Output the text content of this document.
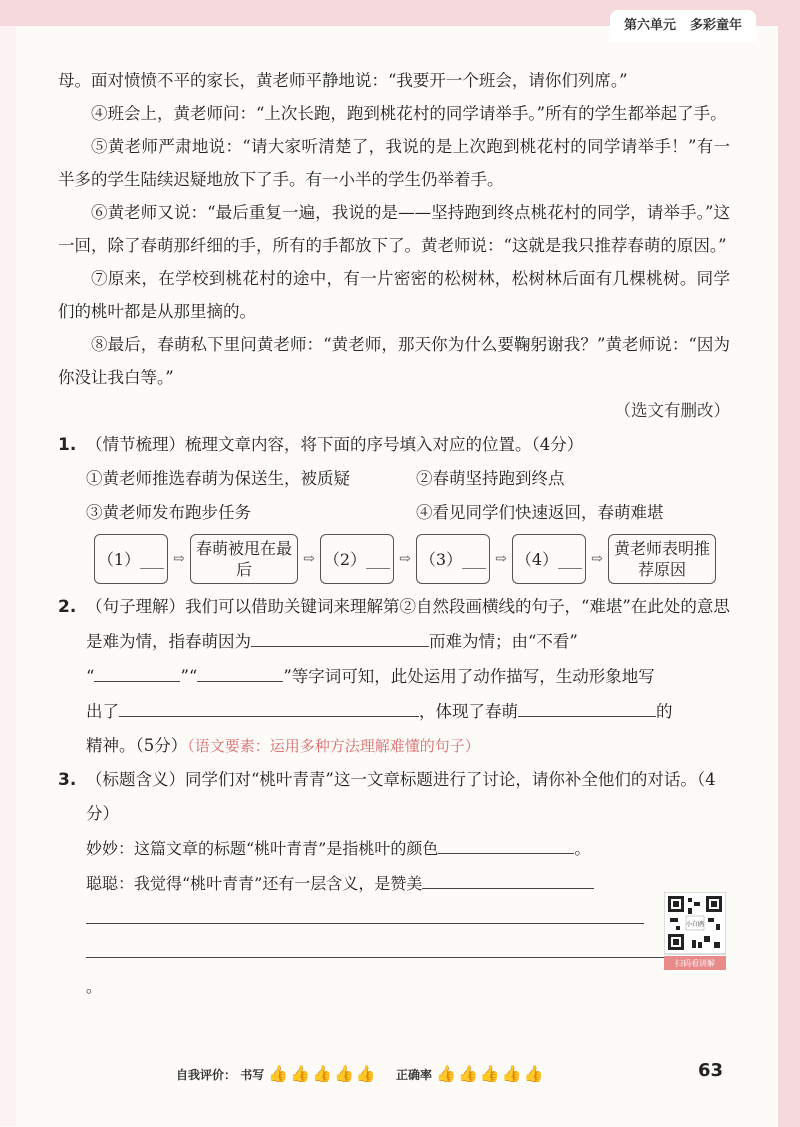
第六单元 多彩童年

母。面对愤愤不平的家长，黄老师平静地说：“我要开一个班会，请你们列席。”

④班会上，黄老师问：“上次长跑，跑到桃花村的同学请举手。”所有的学生都举起了手。

⑤黄老师严肃地说：“请大家听清楚了，我说的是上次跑到桃花村的同学请举手！”有一半多的学生陆续迟疑地放下了手。有一小半的学生仍举着手。

⑥黄老师又说：“最后重复一遍，我说的是——坚持跑到终点桃花村的同学，请举手。”这一回，除了春萌那纤细的手，所有的手都放下了。黄老师说：“这就是我只推荐春萌的原因。”

⑦原来，在学校到桃花村的途中，有一片密密的松树林，松树林后面有几棵桃树。同学们的桃叶都是从那里摘的。

⑧最后，春萌私下里问黄老师：“黄老师，那天你为什么要鞠躬谢我？”黄老师说：“因为你没让我白等。”

（选文有删改）
1. （情节梳理）梳理文章内容，将下面的序号填入对应的位置。（4分）
①黄老师推选春萌为保送生，被质疑	②春萌坚持跑到终点
③黄老师发布跑步任务	④看见同学们快速返回，春萌难堪
（1）___ ⇨
春萌被甩在最后
⇨ （2）___ ⇨ （3）___ ⇨ （4）___ ⇨
黄老师表明推荐原因
2. （句子理解）我们可以借助关键词来理解第②自然段画横线的句子，“难堪”在此处的意思是难为情，指春萌因为	而难为情；由“不看”
“	”“	”等字词可知，此处运用了动作描写，生动形象地写
出了	，体现了春萌	的
精神。（5分）（语文要素：运用多种方法理解难懂的句子）
3. （标题含义）同学们对“桃叶青青”这一文章标题进行了讨论，请你补全他们的对话。（4分）
妙妙：这篇文章的标题“桃叶青青”是指桃叶的颜色	。
聪聪：我觉得“桃叶青青”还有一层含义，是赞美
。
小白鸥
扫码看讲解
自我评价： 书写 👍👍👍👍👍 正确率 👍👍👍👍👍	63
